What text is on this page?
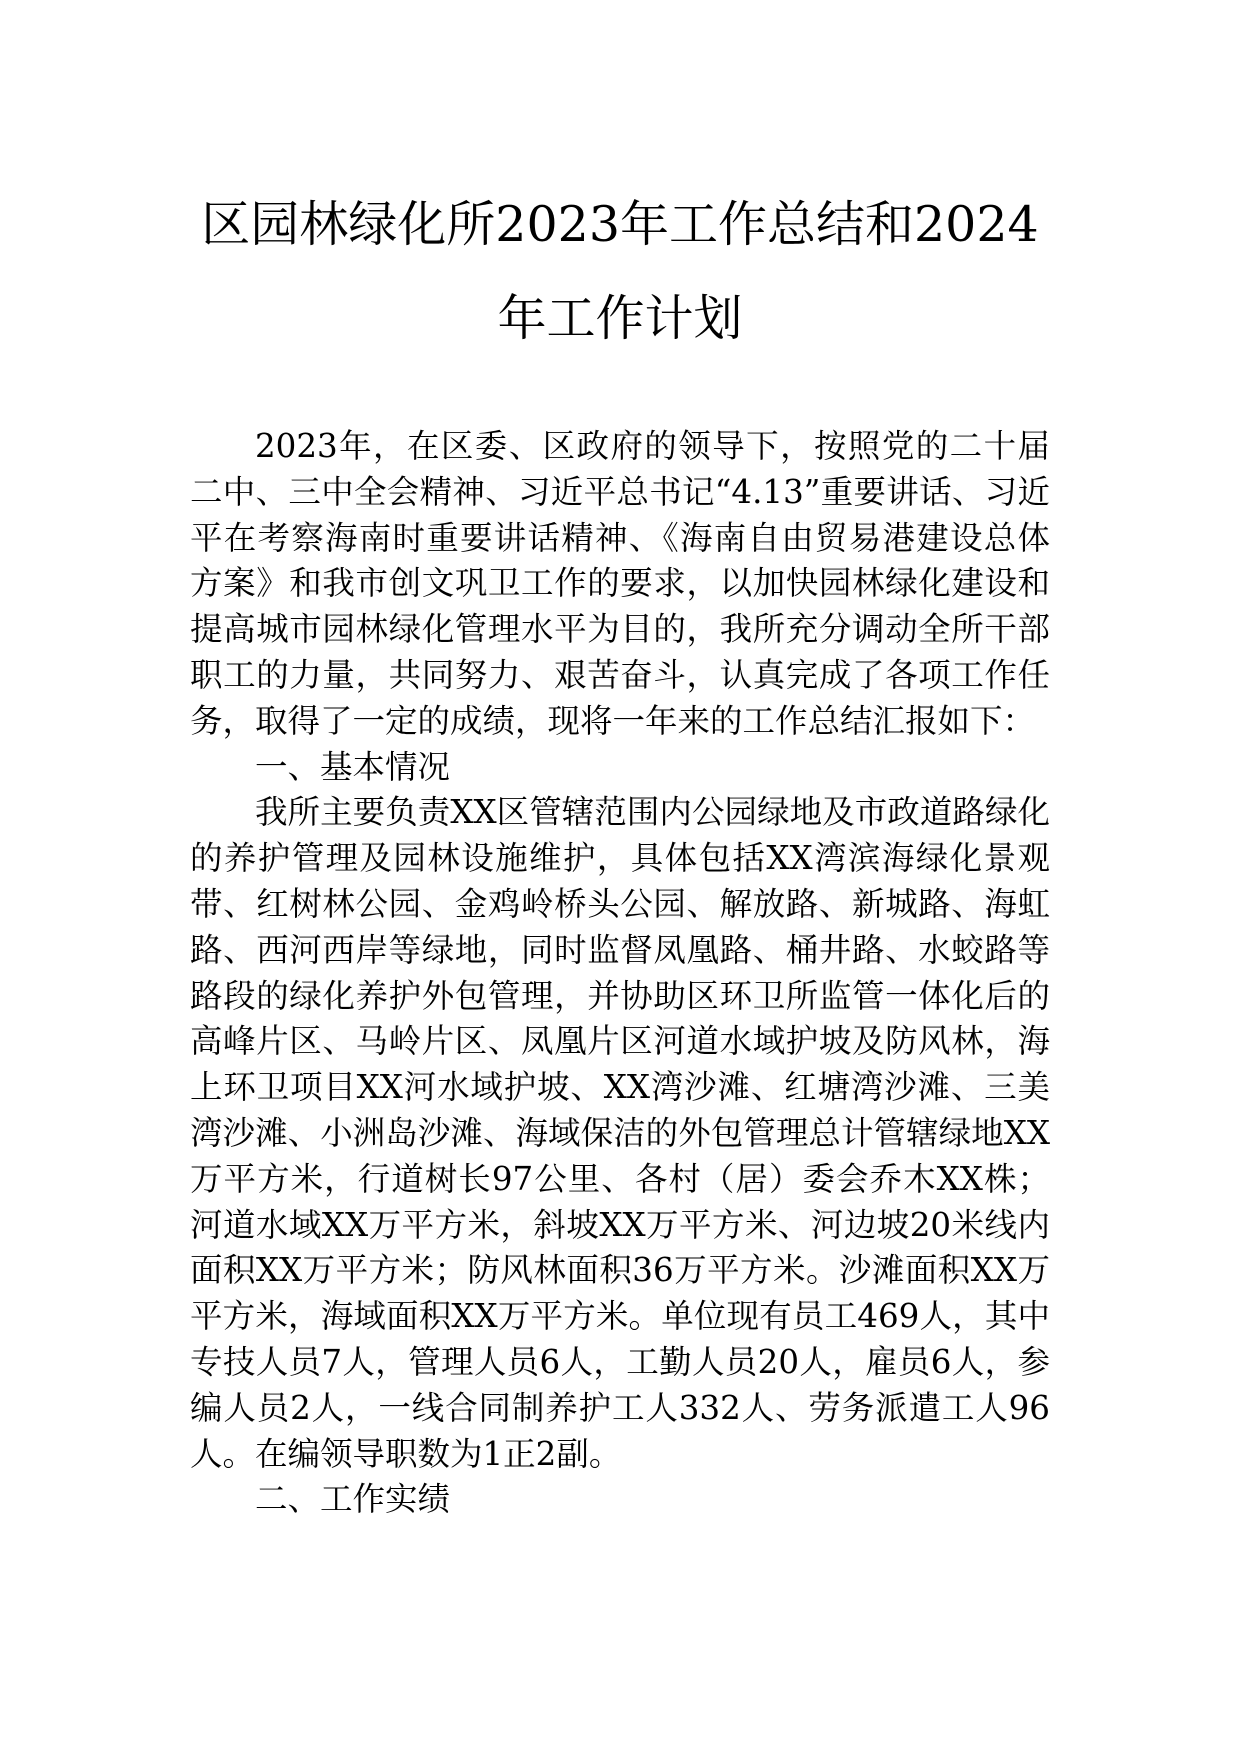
区园林绿化所2023年工作总结和2024年工作计划

2023年，在区委、区政府的领导下，按照党的二十届二中、三中全会精神、习近平总书记“4.13”重要讲话、习近平在考察海南时重要讲话精神、《海南自由贸易港建设总体方案》和我市创文巩卫工作的要求，以加快园林绿化建设和提高城市园林绿化管理水平为目的，我所充分调动全所干部职工的力量，共同努力、艰苦奋斗，认真完成了各项工作任务，取得了一定的成绩，现将一年来的工作总结汇报如下：

一、基本情况

我所主要负责XX区管辖范围内公园绿地及市政道路绿化的养护管理及园林设施维护，具体包括XX湾滨海绿化景观带、红树林公园、金鸡岭桥头公园、解放路、新城路、海虹路、西河西岸等绿地，同时监督凤凰路、桶井路、水蛟路等路段的绿化养护外包管理，并协助区环卫所监管一体化后的高峰片区、马岭片区、凤凰片区河道水域护坡及防风林，海上环卫项目XX河水域护坡、XX湾沙滩、红塘湾沙滩、三美湾沙滩、小洲岛沙滩、海域保洁的外包管理总计管辖绿地XX万平方米，行道树长97公里、各村（居）委会乔木XX株；河道水域XX万平方米，斜坡XX万平方米、河边坡20米线内面积XX万平方米；防风林面积36万平方米。沙滩面积XX万平方米，海域面积XX万平方米。单位现有员工469人，其中专技人员7人，管理人员6人，工勤人员20人，雇员6人，参编人员2人，一线合同制养护工人332人、劳务派遣工人96人。在编领导职数为1正2副。

二、工作实绩
